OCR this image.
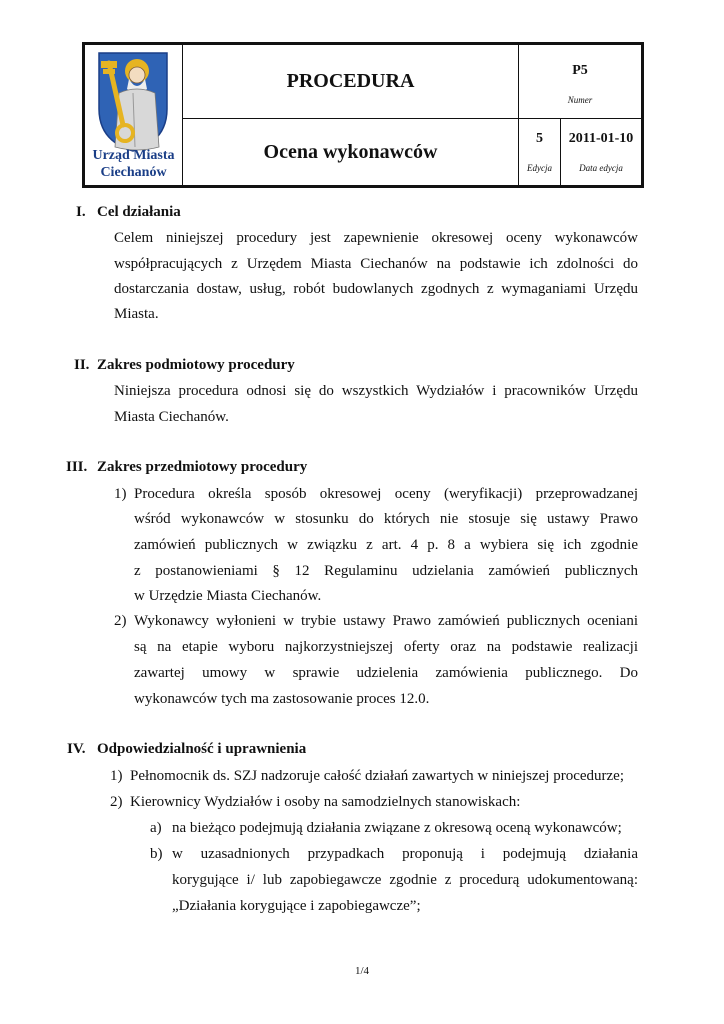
Urząd Miasta
Ciechanów
PROCEDURA
Ocena wykonawców
P5
Numer
5
Edycja
2011-01-10
Data edycja
I. Cel działania
Celem niniejszej procedury jest zapewnienie okresowej oceny wykonawców
współpracujących z Urzędem Miasta Ciechanów na podstawie ich zdolności do
dostarczania dostaw, usług, robót budowlanych zgodnych z wymaganiami Urzędu
Miasta.
II. Zakres podmiotowy procedury
Niniejsza procedura odnosi się do wszystkich Wydziałów i pracowników Urzędu
Miasta Ciechanów.
III. Zakres przedmiotowy procedury
1) Procedura określa sposób okresowej oceny (weryfikacji) przeprowadzanej
wśród wykonawców w stosunku do których nie stosuje się ustawy Prawo
zamówień publicznych w związku z art. 4 p. 8 a wybiera się ich zgodnie
z postanowieniami § 12 Regulaminu udzielania zamówień publicznych
w Urzędzie Miasta Ciechanów.
2) Wykonawcy wyłonieni w trybie ustawy Prawo zamówień publicznych oceniani
są na etapie wyboru najkorzystniejszej oferty oraz na podstawie realizacji
zawartej umowy w sprawie udzielenia zamówienia publicznego. Do
wykonawców tych ma zastosowanie proces 12.0.
IV. Odpowiedzialność i uprawnienia
1) Pełnomocnik ds. SZJ nadzoruje całość działań zawartych w niniejszej procedurze;
2) Kierownicy Wydziałów i osoby na samodzielnych stanowiskach:
a) na bieżąco podejmują działania związane z okresową oceną wykonawców;
b) w uzasadnionych przypadkach proponują i podejmują działania
korygujące i/ lub zapobiegawcze zgodnie z procedurą udokumentowaną:
„Działania korygujące i zapobiegawcze”;
1/4
